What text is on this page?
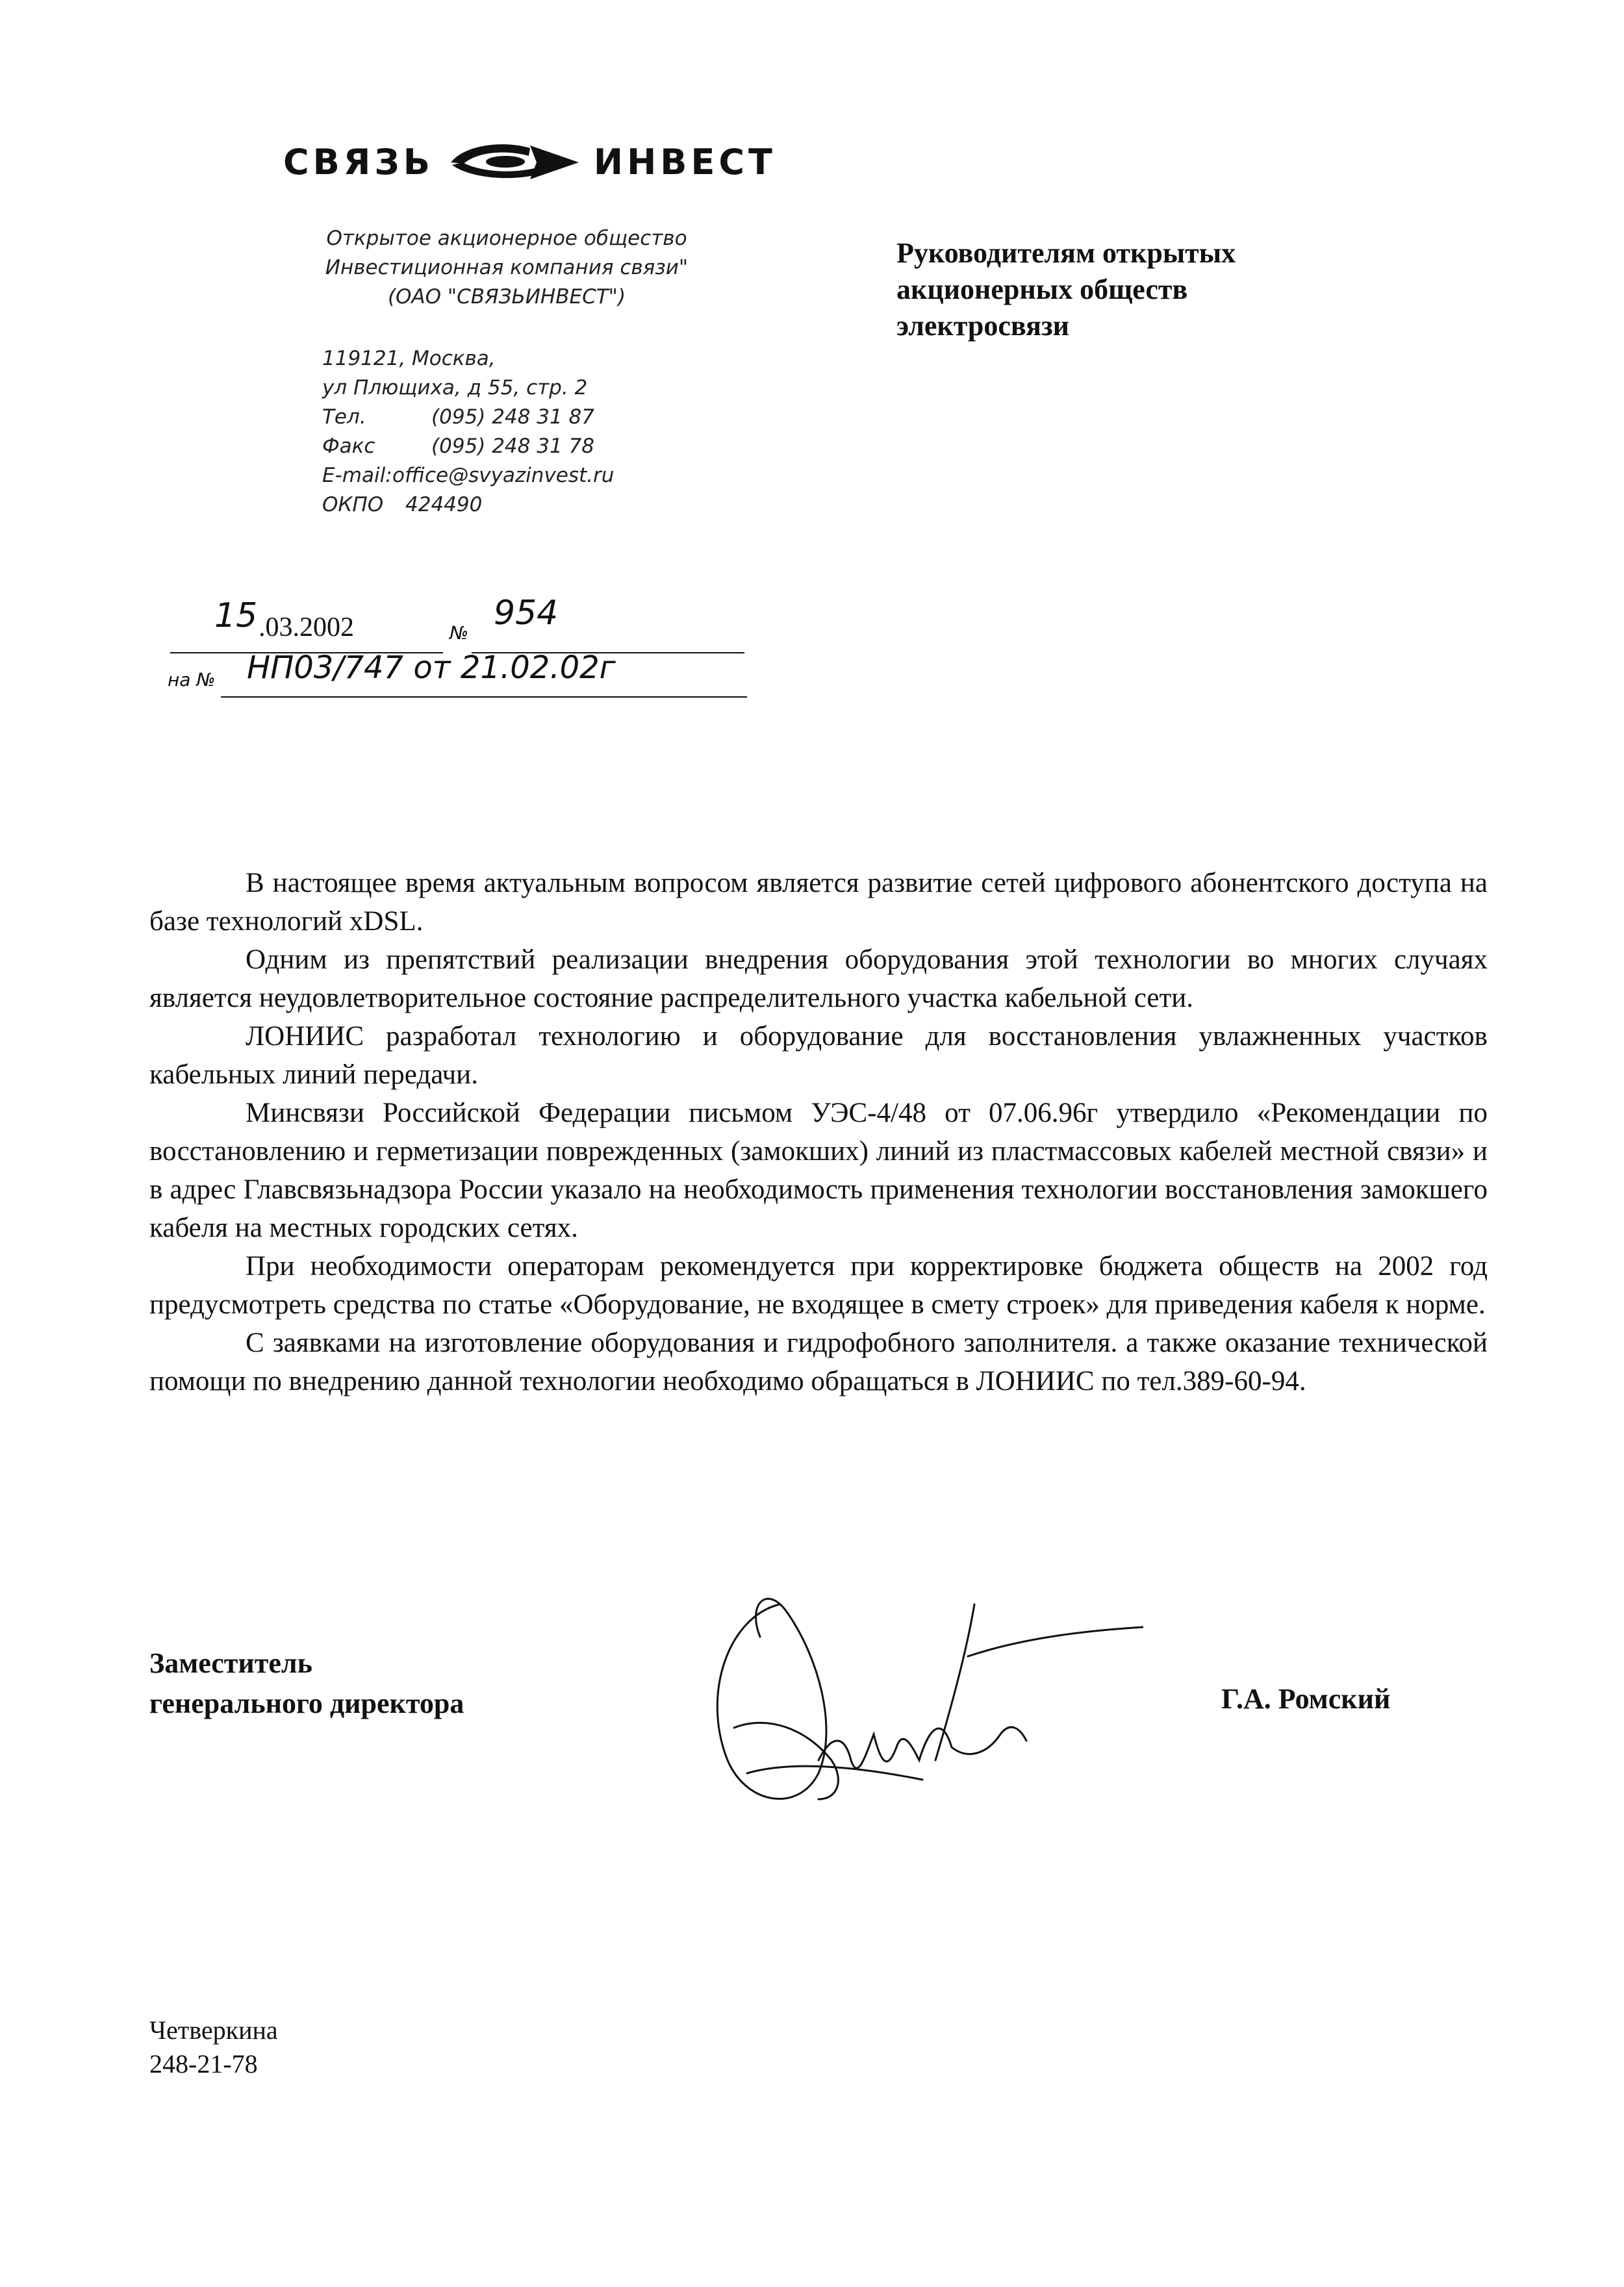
СВЯЗЬ	ИНВЕСТ
Открытое акционерное общество
Инвестиционная компания связи"
(ОАО "СВЯЗЬИНВЕСТ")
119121, Москва,
ул Плющиха, д 55, стр. 2
Тел.	(095) 248 31 87
Факс	(095) 248 31 78
E-mail: office@svyazinvest.ru
ОКПО	424490
Руководителям открытых
акционерных обществ
электросвязи
15 .03.2002	№
954
на № НП03/747 от 21.02.02г

В настоящее время актуальным вопросом является развитие сетей цифрового абонентского доступа на базе технологий xDSL.

Одним из препятствий реализации внедрения оборудования этой технологии во многих случаях является неудовлетворительное состояние распределительного участка кабельной сети.

ЛОНИИС разработал технологию и оборудование для восстановления увлажненных участков кабельных линий передачи.

Минсвязи Российской Федерации письмом УЭС-4/48 от 07.06.96г утвердило «Рекомендации по восстановлению и герметизации поврежденных (замокших) линий из пластмассовых кабелей местной связи» и в адрес Главсвязьнадзора России указало на необходимость применения технологии восстановления замокшего кабеля на местных городских сетях.

При необходимости операторам рекомендуется при корректировке бюджета обществ на 2002 год предусмотреть средства по статье «Оборудование, не входящее в смету строек» для приведения кабеля к норме.

С заявками на изготовление оборудования и гидрофобного заполнителя. а также оказание технической помощи по внедрению данной технологии необходимо обращаться в ЛОНИИС по тел.389-60-94.

Заместитель
генерального директора	Г.А. Ромский
Четверкина
248-21-78
